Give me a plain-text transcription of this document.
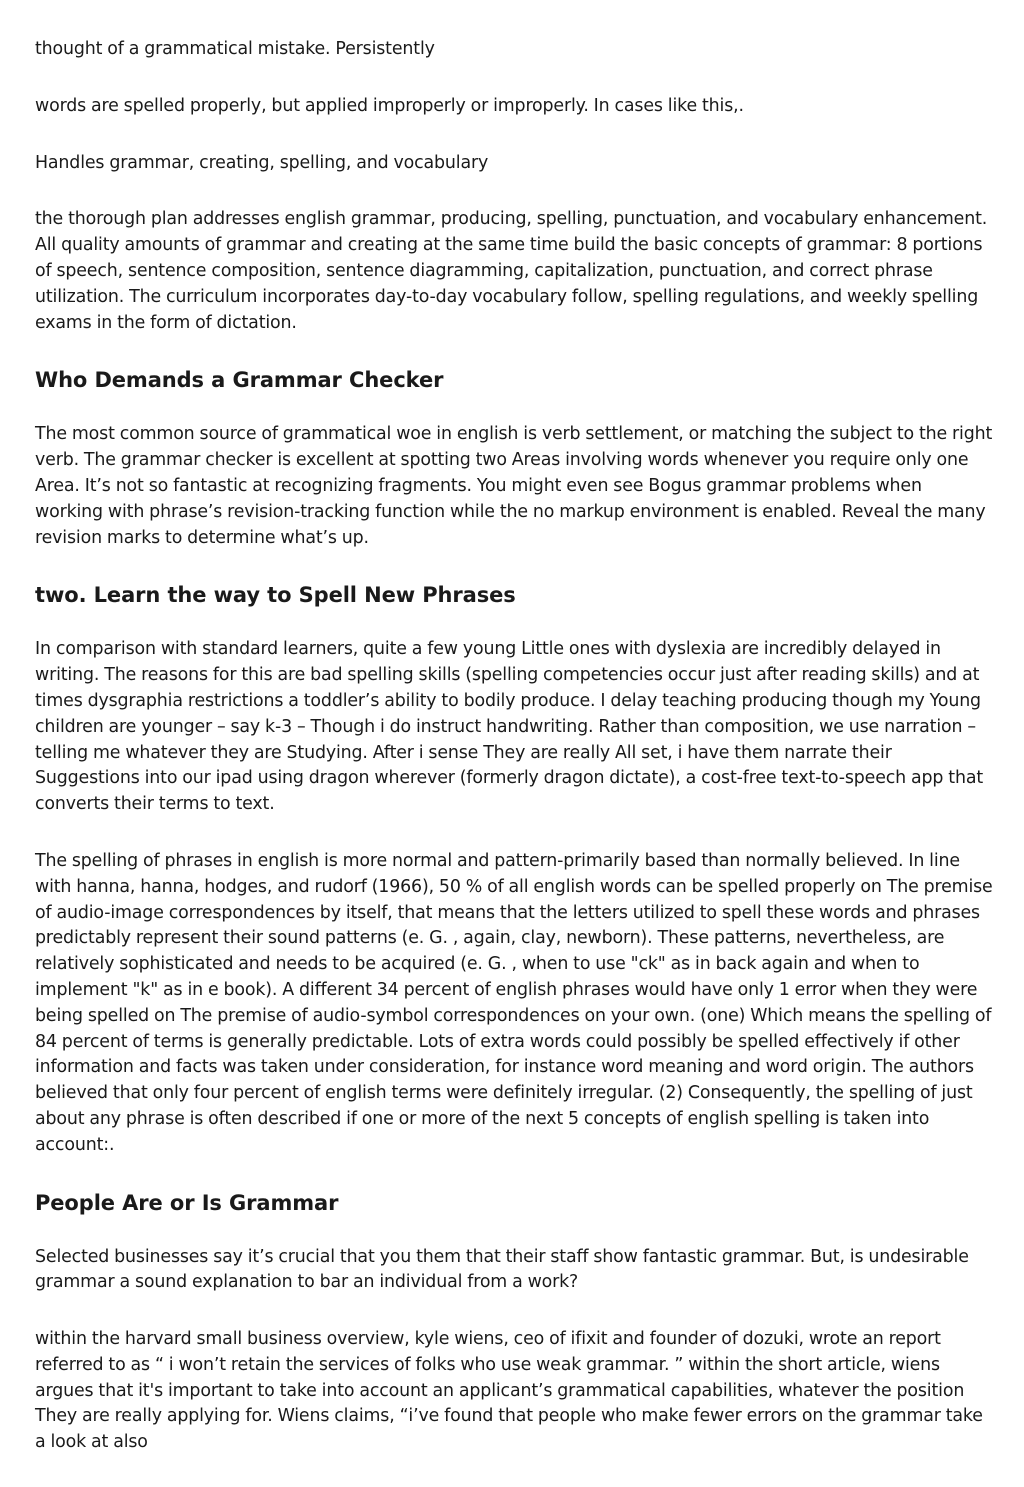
thought of a grammatical mistake. Persistently

words are spelled properly, but applied improperly or improperly. In cases like this,.

Handles grammar, creating, spelling, and vocabulary

the thorough plan addresses english grammar, producing, spelling, punctuation, and vocabulary enhancement. All quality amounts of grammar and creating at the same time build the basic concepts of grammar: 8 portions of speech, sentence composition, sentence diagramming, capitalization, punctuation, and correct phrase utilization. The curriculum incorporates day-to-day vocabulary follow, spelling regulations, and weekly spelling exams in the form of dictation.

Who Demands a Grammar Checker

The most common source of grammatical woe in english is verb settlement, or matching the subject to the right verb. The grammar checker is excellent at spotting two Areas involving words whenever you require only one Area. It’s not so fantastic at recognizing fragments. You might even see Bogus grammar problems when working with phrase’s revision-tracking function while the no markup environment is enabled. Reveal the many revision marks to determine what’s up.

two. Learn the way to Spell New Phrases

In comparison with standard learners, quite a few young Little ones with dyslexia are incredibly delayed in writing. The reasons for this are bad spelling skills (spelling competencies occur just after reading skills) and at times dysgraphia restrictions a toddler’s ability to bodily produce. I delay teaching producing though my Young children are younger – say k-3 – Though i do instruct handwriting. Rather than composition, we use narration – telling me whatever they are Studying. After i sense They are really All set, i have them narrate their Suggestions into our ipad using dragon wherever (formerly dragon dictate), a cost-free text-to-speech app that converts their terms to text.

The spelling of phrases in english is more normal and pattern-primarily based than normally believed. In line with hanna, hanna, hodges, and rudorf (1966), 50 % of all english words can be spelled properly on The premise of audio-image correspondences by itself, that means that the letters utilized to spell these words and phrases predictably represent their sound patterns (e. G. , again, clay, newborn). These patterns, nevertheless, are relatively sophisticated and needs to be acquired (e. G. , when to use "ck" as in back again and when to implement "k" as in e book). A different 34 percent of english phrases would have only 1 error when they were being spelled on The premise of audio-symbol correspondences on your own. (one) Which means the spelling of 84 percent of terms is generally predictable. Lots of extra words could possibly be spelled effectively if other information and facts was taken under consideration, for instance word meaning and word origin. The authors believed that only four percent of english terms were definitely irregular. (2) Consequently, the spelling of just about any phrase is often described if one or more of the next 5 concepts of english spelling is taken into account:.

People Are or Is Grammar

Selected businesses say it’s crucial that you them that their staff show fantastic grammar. But, is undesirable grammar a sound explanation to bar an individual from a work?

within the harvard small business overview, kyle wiens, ceo of ifixit and founder of dozuki, wrote an report referred to as “ i won’t retain the services of folks who use weak grammar. ” within the short article, wiens argues that it's important to take into account an applicant’s grammatical capabilities, whatever the position They are really applying for. Wiens claims, “i’ve found that people who make fewer errors on the grammar take a look at also
